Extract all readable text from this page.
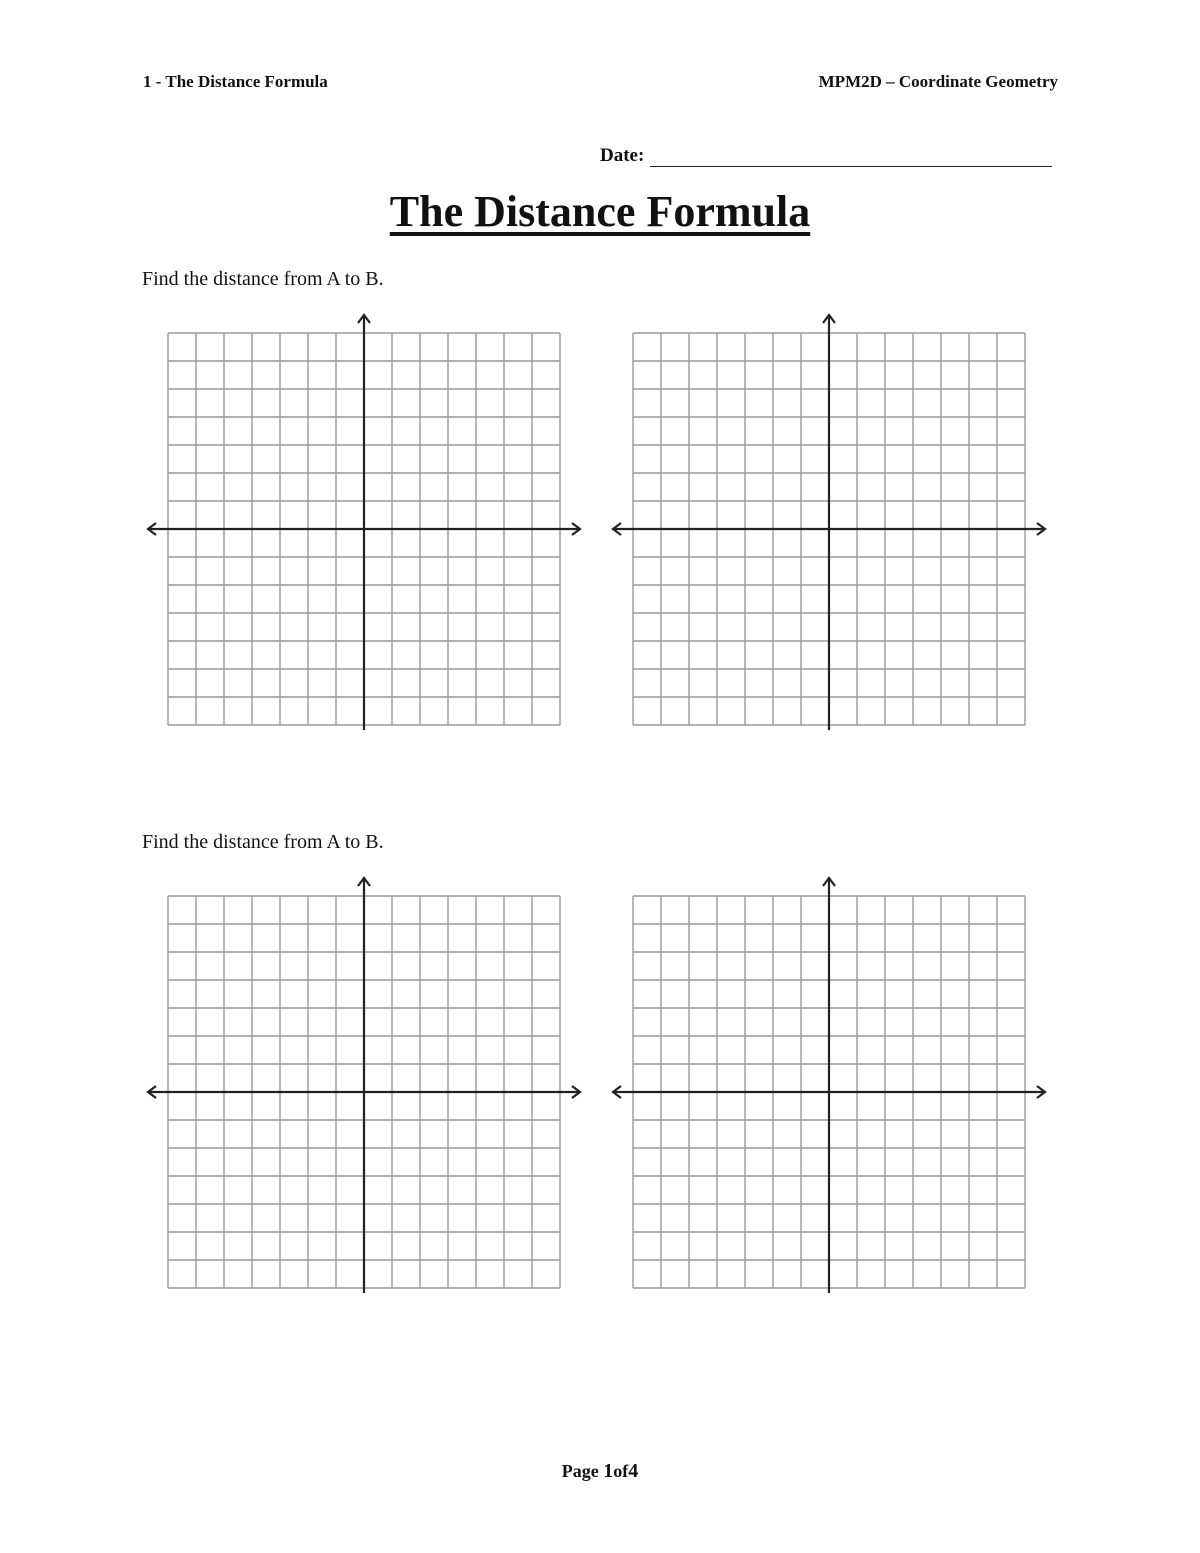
1 - The Distance Formula	MPM2D – Coordinate Geometry
Date:
The Distance Formula
Find the distance from A to B.
Find the distance from A to B.
Page 1of4
